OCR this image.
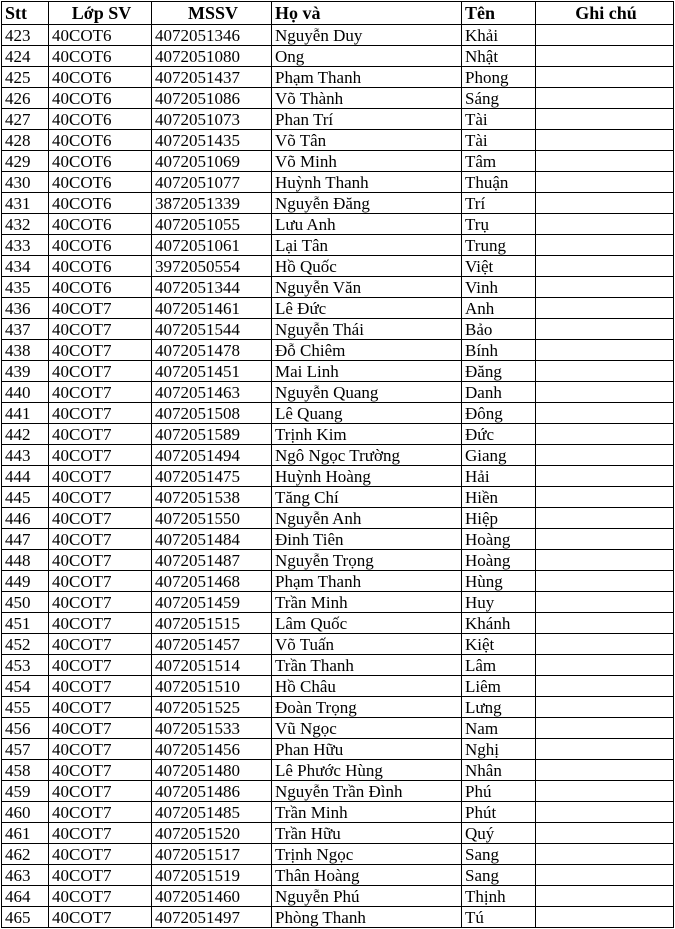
Stt	Lớp SV	MSSV	Họ và	Tên	Ghi chú
423	40COT6	4072051346	Nguyễn Duy	Khải	
424	40COT6	4072051080	Ong	Nhật	
425	40COT6	4072051437	Phạm Thanh	Phong	
426	40COT6	4072051086	Võ Thành	Sáng	
427	40COT6	4072051073	Phan Trí	Tài	
428	40COT6	4072051435	Võ Tân	Tài	
429	40COT6	4072051069	Võ Minh	Tâm	
430	40COT6	4072051077	Huỳnh Thanh	Thuận	
431	40COT6	3872051339	Nguyễn Đăng	Trí	
432	40COT6	4072051055	Lưu Anh	Trụ	
433	40COT6	4072051061	Lại Tân	Trung	
434	40COT6	3972050554	Hồ Quốc	Việt	
435	40COT6	4072051344	Nguyễn Văn	Vinh	
436	40COT7	4072051461	Lê Đức	Anh	
437	40COT7	4072051544	Nguyễn Thái	Bảo	
438	40COT7	4072051478	Đỗ Chiêm	Bính	
439	40COT7	4072051451	Mai Linh	Đăng	
440	40COT7	4072051463	Nguyễn Quang	Danh	
441	40COT7	4072051508	Lê Quang	Đông	
442	40COT7	4072051589	Trịnh Kim	Đức	
443	40COT7	4072051494	Ngô Ngọc Trường	Giang	
444	40COT7	4072051475	Huỳnh Hoàng	Hải	
445	40COT7	4072051538	Tăng Chí	Hiền	
446	40COT7	4072051550	Nguyễn Anh	Hiệp	
447	40COT7	4072051484	Đinh Tiên	Hoàng	
448	40COT7	4072051487	Nguyễn Trọng	Hoàng	
449	40COT7	4072051468	Phạm Thanh	Hùng	
450	40COT7	4072051459	Trần Minh	Huy	
451	40COT7	4072051515	Lâm Quốc	Khánh	
452	40COT7	4072051457	Võ Tuấn	Kiệt	
453	40COT7	4072051514	Trần Thanh	Lâm	
454	40COT7	4072051510	Hồ Châu	Liêm	
455	40COT7	4072051525	Đoàn Trọng	Lưng	
456	40COT7	4072051533	Vũ Ngọc	Nam	
457	40COT7	4072051456	Phan Hữu	Nghị	
458	40COT7	4072051480	Lê Phước Hùng	Nhân	
459	40COT7	4072051486	Nguyễn Trần Đình	Phú	
460	40COT7	4072051485	Trần Minh	Phút	
461	40COT7	4072051520	Trần Hữu	Quý	
462	40COT7	4072051517	Trịnh Ngọc	Sang	
463	40COT7	4072051519	Thân Hoàng	Sang	
464	40COT7	4072051460	Nguyễn Phú	Thịnh	
465	40COT7	4072051497	Phòng Thanh	Tú	
